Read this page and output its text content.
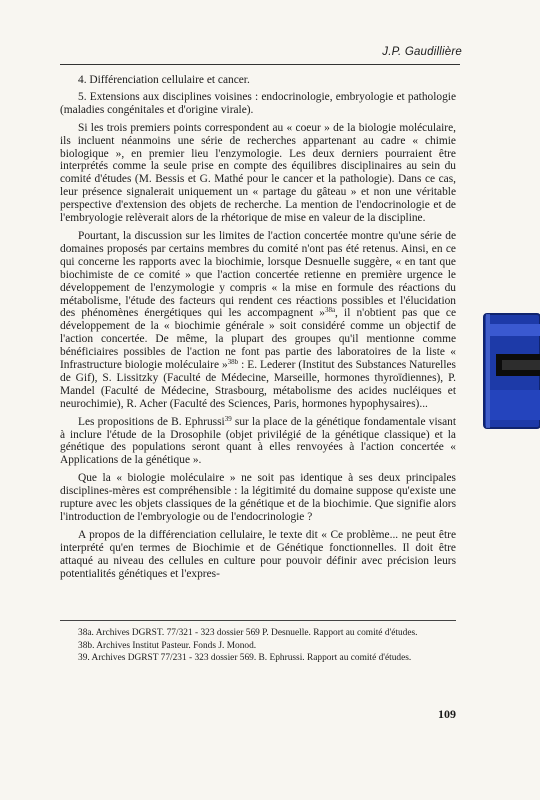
J.P. Gaudillière

4. Différenciation cellulaire et cancer.

5. Extensions aux disciplines voisines : endocrinologie, embryologie et pathologie (maladies congénitales et d'origine virale).

Si les trois premiers points correspondent au « coeur » de la biologie moléculaire, ils incluent néanmoins une série de recherches appartenant au cadre « chimie biologique », en premier lieu l'enzymologie. Les deux derniers pourraient être interprétés comme la seule prise en compte des équilibres disciplinaires au sein du comité d'études (M. Bessis et G. Mathé pour le cancer et la pathologie). Dans ce cas, leur présence signalerait uniquement un « partage du gâteau » et non une véritable perspective d'extension des objets de recherche. La mention de l'endocrinologie et de l'embryologie relèverait alors de la rhétorique de mise en valeur de la discipline.

Pourtant, la discussion sur les limites de l'action concertée montre qu'une série de domaines proposés par certains membres du comité n'ont pas été retenus. Ainsi, en ce qui concerne les rapports avec la biochimie, lorsque Desnuelle suggère, « en tant que biochimiste de ce comité » que l'action concertée retienne en première urgence le développement de l'enzymologie y compris « la mise en formule des réactions du métabolisme, l'étude des facteurs qui rendent ces réactions possibles et l'élucidation des phénomènes énergétiques qui les accompagnent »$^{38a}$, il n'obtient pas que ce développement de la « biochimie générale » soit considéré comme un objectif de l'action concertée. De même, la plupart des groupes qu'il mentionne comme bénéficiaires possibles de l'action ne font pas partie des laboratoires de la liste « Infrastructure biologie moléculaire »$^{38b}$ : E. Lederer (Institut des Substances Naturelles de Gif), S. Lissitzky (Faculté de Médecine, Marseille, hormones thyroïdiennes), P. Mandel (Faculté de Médecine, Strasbourg, métabolisme des acides nucléiques et neurochimie), R. Acher (Faculté des Sciences, Paris, hormones hypophysaires)...

Les propositions de B. Ephrussi$^{39}$ sur la place de la génétique fondamentale visant à inclure l'étude de la Drosophile (objet privilégié de la génétique classique) et la génétique des populations seront quant à elles renvoyées à l'action concertée « Applications de la génétique ».

Que la « biologie moléculaire » ne soit pas identique à ses deux principales disciplines-mères est compréhensible : la légitimité du domaine suppose qu'existe une rupture avec les objets classiques de la génétique et de la biochimie. Que signifie alors l'introduction de l'embryologie ou de l'endocrinologie ?

A propos de la différenciation cellulaire, le texte dit « Ce problème... ne peut être interprété qu'en termes de Biochimie et de Génétique fonctionnelles. Il doit être attaqué au niveau des cellules en culture pour pouvoir définir avec précision leurs potentialités génétiques et l'expres-

38a. Archives DGRST. 77/321 - 323 dossier 569 P. Desnuelle. Rapport au comité d'études.

38b. Archives Institut Pasteur. Fonds J. Monod.

39. Archives DGRST 77/231 - 323 dossier 569. B. Ephrussi. Rapport au comité d'études.

109
